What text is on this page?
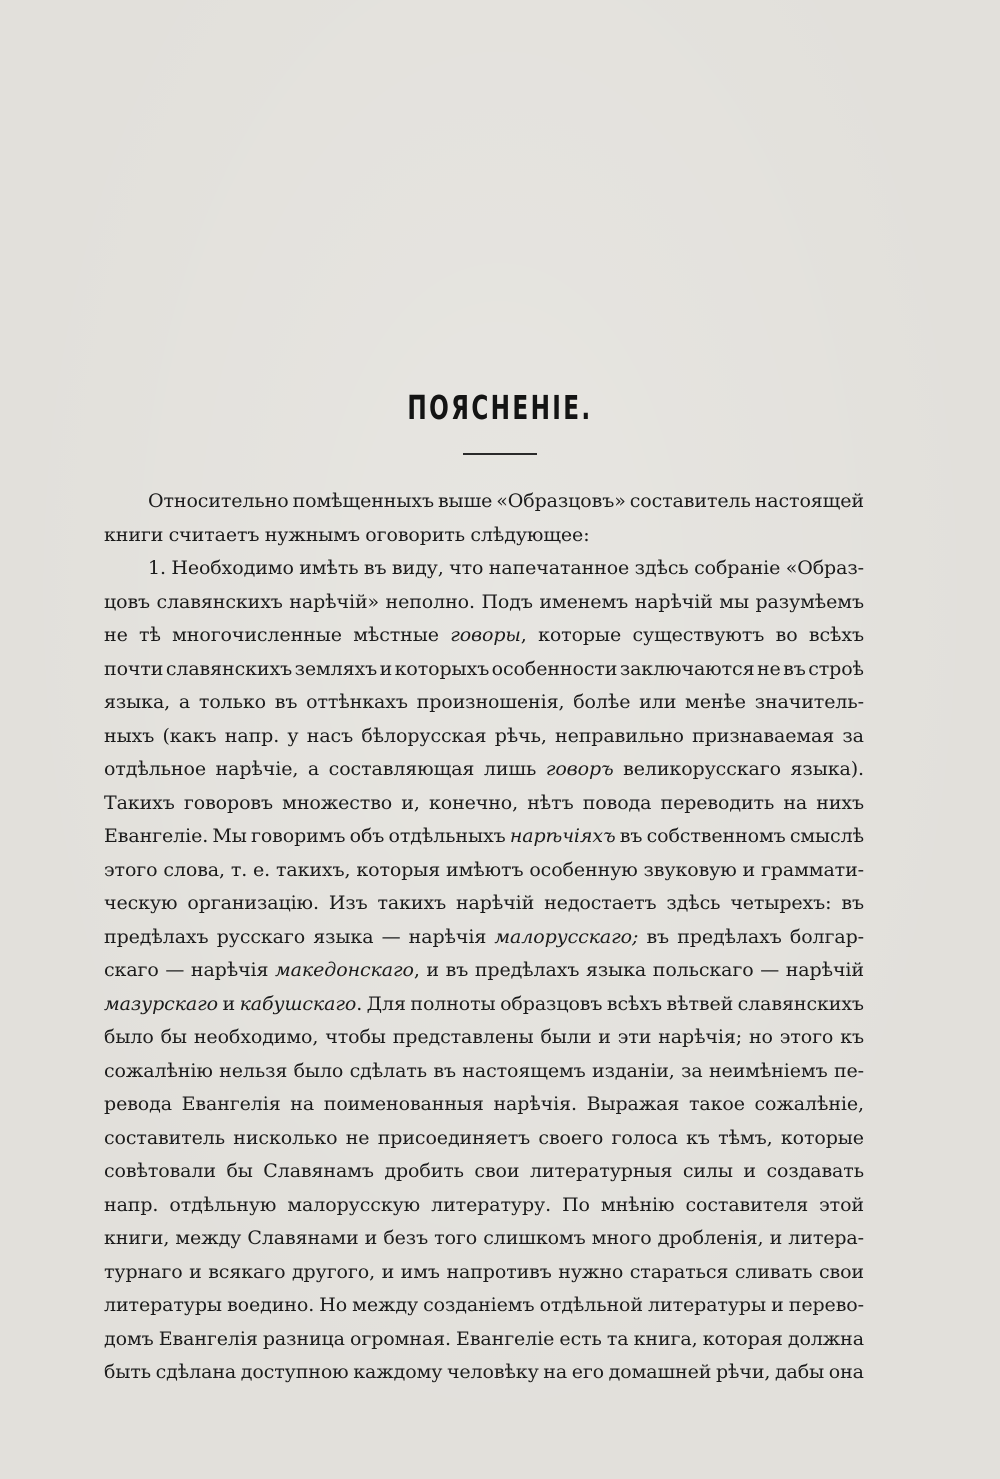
ПОЯСНЕНІЕ.
Относительно помѣщенныхъ выше «Образцовъ» составитель настоящей
книги считаетъ нужнымъ оговорить слѣдующее:
1. Необходимо имѣть въ виду, что напечатанное здѣсь собраніе «Образ-
цовъ славянскихъ нарѣчій» неполно. Подъ именемъ нарѣчій мы разумѣемъ
не тѣ многочисленные мѣстные говоры, которые существуютъ во всѣхъ
почти славянскихъ земляхъ и которыхъ особенности заключаются не въ строѣ
языка, а только въ оттѣнкахъ произношенія, болѣе или менѣе значитель-
ныхъ (какъ напр. у насъ бѣлорусская рѣчь, неправильно признаваемая за
отдѣльное нарѣчіе, а составляющая лишь говоръ великорусскаго языка).
Такихъ говоровъ множество и, конечно, нѣтъ повода переводить на нихъ
Евангеліе. Мы говоримъ объ отдѣльныхъ нарѣчіяхъ въ собственномъ смыслѣ
этого слова, т. е. такихъ, которыя имѣютъ особенную звуковую и граммати-
ческую организацію. Изъ такихъ нарѣчій недостаетъ здѣсь четырехъ: въ
предѣлахъ русскаго языка — нарѣчія малорусскаго; въ предѣлахъ болгар-
скаго — нарѣчія македонскаго, и въ предѣлахъ языка польскаго — нарѣчій
мазурскаго и кабушскаго. Для полноты образцовъ всѣхъ вѣтвей славянскихъ
было бы необходимо, чтобы представлены были и эти нарѣчія; но этого къ
сожалѣнію нельзя было сдѣлать въ настоящемъ изданіи, за неимѣніемъ пе-
ревода Евангелія на поименованныя нарѣчія. Выражая такое сожалѣніе,
составитель нисколько не присоединяетъ своего голоса къ тѣмъ, которые
совѣтовали бы Славянамъ дробить свои литературныя силы и создавать
напр. отдѣльную малорусскую литературу. По мнѣнію составителя этой
книги, между Славянами и безъ того слишкомъ много дробленія, и литера-
турнаго и всякаго другого, и имъ напротивъ нужно стараться сливать свои
литературы воедино. Но между созданіемъ отдѣльной литературы и перево-
домъ Евангелія разница огромная. Евангеліе есть та книга, которая должна
быть сдѣлана доступною каждому человѣку на его домашней рѣчи, дабы она
